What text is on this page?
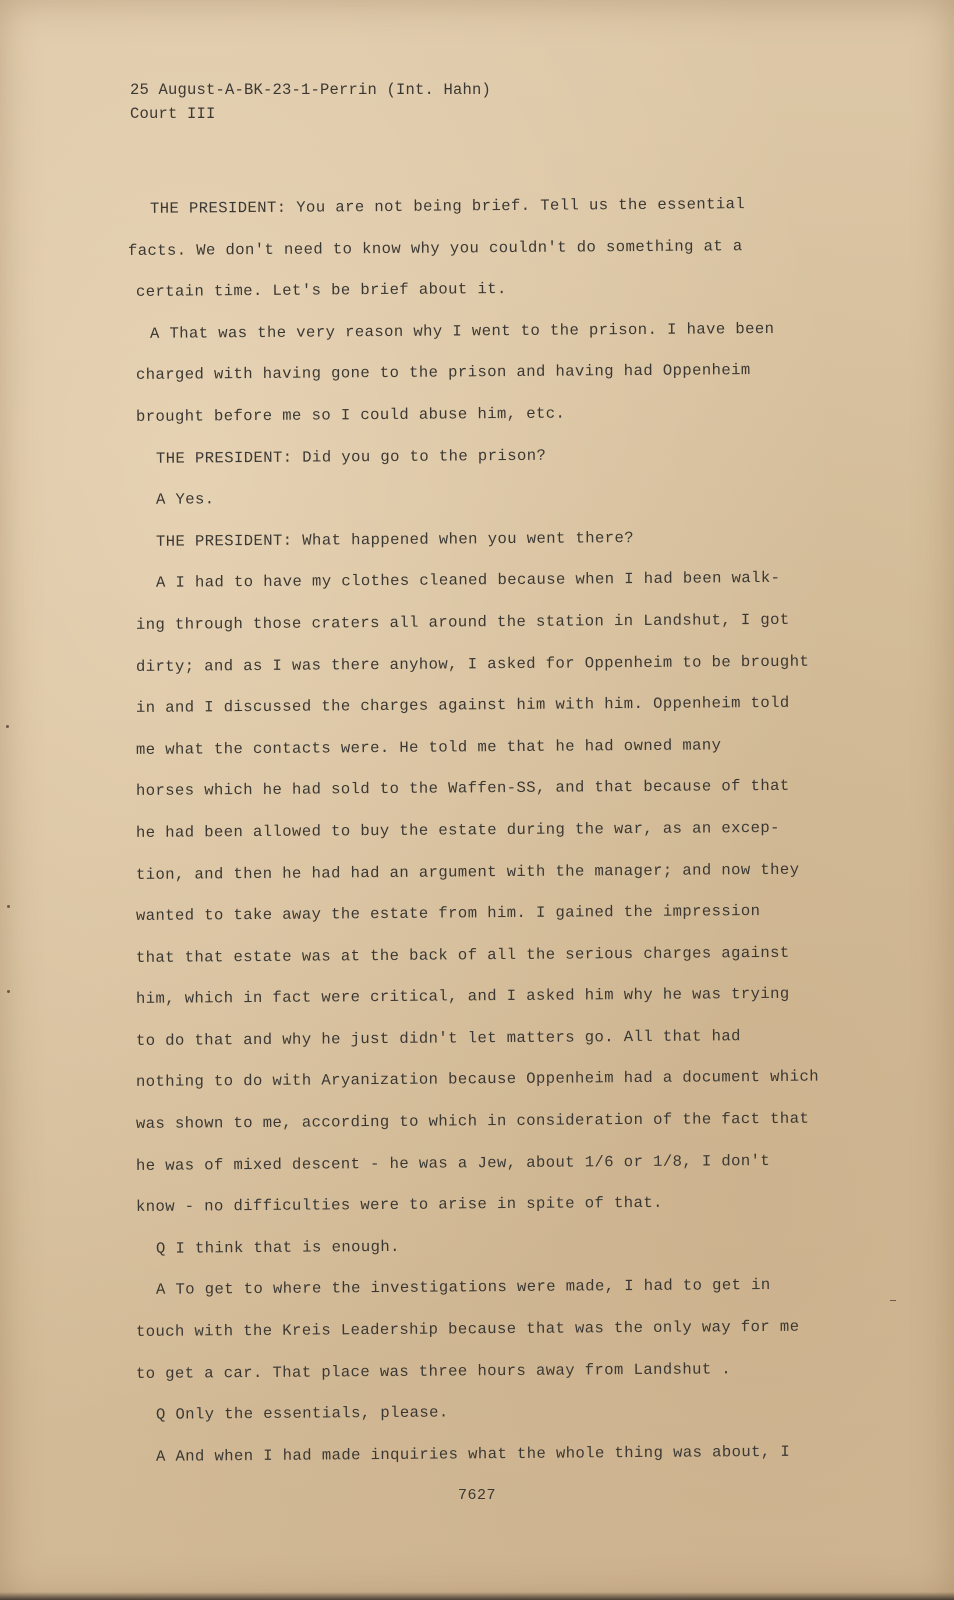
25 August-A-BK-23-1-Perrin (Int. Hahn)
Court III
THE PRESIDENT: You are not being brief. Tell us the essential
facts. We don't need to know why you couldn't do something at a
certain time. Let's be brief about it.
A That was the very reason why I went to the prison. I have been
charged with having gone to the prison and having had Oppenheim
brought before me so I could abuse him, etc.
THE PRESIDENT: Did you go to the prison?
A Yes.
THE PRESIDENT: What happened when you went there?
A I had to have my clothes cleaned because when I had been walk-
ing through those craters all around the station in Landshut, I got
dirty; and as I was there anyhow, I asked for Oppenheim to be brought
in and I discussed the charges against him with him. Oppenheim told
me what the contacts were. He told me that he had owned many
horses which he had sold to the Waffen-SS, and that because of that
he had been allowed to buy the estate during the war, as an excep-
tion, and then he had had an argument with the manager; and now they
wanted to take away the estate from him. I gained the impression
that that estate was at the back of all the serious charges against
him, which in fact were critical, and I asked him why he was trying
to do that and why he just didn't let matters go. All that had
nothing to do with Aryanization because Oppenheim had a document which
was shown to me, according to which in consideration of the fact that
he was of mixed descent - he was a Jew, about 1/6 or 1/8, I don't
know - no difficulties were to arise in spite of that.
Q I think that is enough.
A To get to where the investigations were made, I had to get in
touch with the Kreis Leadership because that was the only way for me
to get a car. That place was three hours away from Landshut .
Q Only the essentials, please.
A And when I had made inquiries what the whole thing was about, I
7627
